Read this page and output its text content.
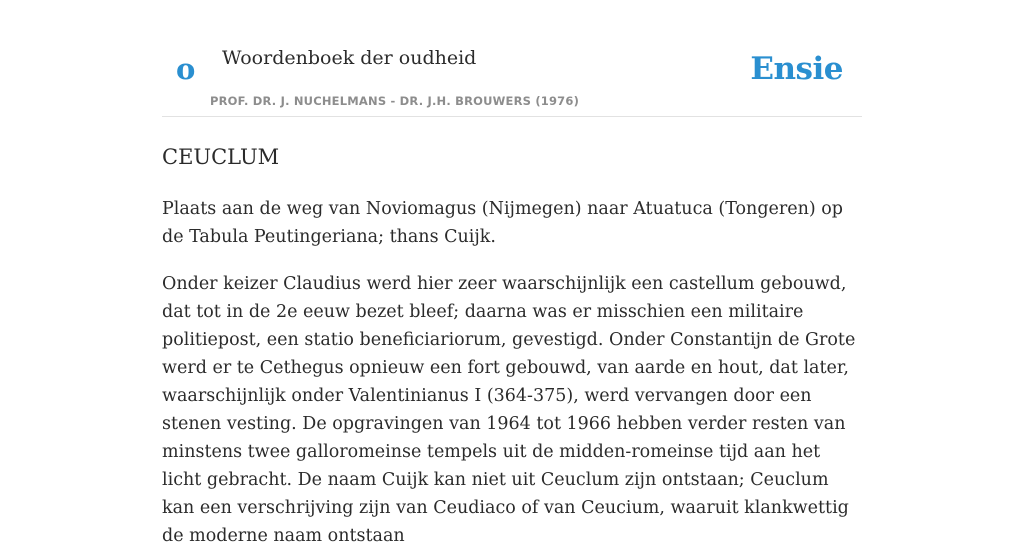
o Woordenboek der oudheid
PROF. DR. J. NUCHELMANS - DR. J.H. BROUWERS (1976)
Ensie
CEUCLUM

Plaats aan de weg van Noviomagus (Nijmegen) naar Atuatuca (Tongeren) op de Tabula Peutingeriana; thans Cuijk.

Onder keizer Claudius werd hier zeer waarschijnlijk een castellum gebouwd, dat tot in de 2e eeuw bezet bleef; daarna was er misschien een militaire politiepost, een statio beneficiariorum, gevestigd. Onder Constantijn de Grote werd er te Cethegus opnieuw een fort gebouwd, van aarde en hout, dat later, waarschijnlijk onder Valentinianus I (364-375), werd vervangen door een stenen vesting. De opgravingen van 1964 tot 1966 hebben verder resten van minstens twee galloromeinse tempels uit de midden-romeinse tijd aan het licht gebracht. De naam Cuijk kan niet uit Ceuclum zijn ontstaan; Ceuclum kan een verschrijving zijn van Ceudiaco of van Ceucium, waaruit klankwettig de moderne naam ontstaan
